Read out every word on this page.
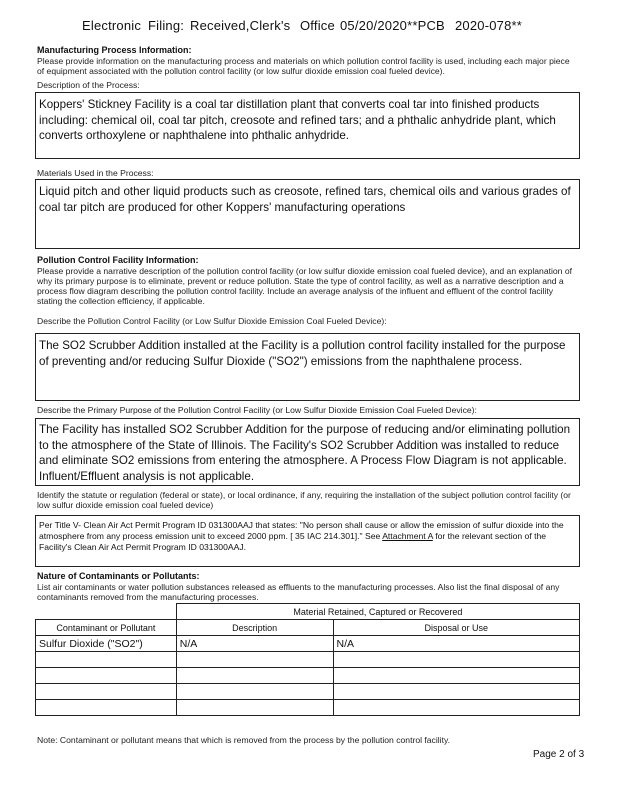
Electronic Filing: Received,Clerk's Office 05/20/2020**PCB 2020-078**
Manufacturing Process Information:
Please provide information on the manufacturing process and materials on which pollution control facility is used, including each major piece of equipment associated with the pollution control facility (or low sulfur dioxide emission coal fueled device).
Description of the Process:
Koppers' Stickney Facility is a coal tar distillation plant that converts coal tar into finished products including: chemical oil, coal tar pitch, creosote and refined tars; and a phthalic anhydride plant, which converts orthoxylene or naphthalene into phthalic anhydride.
Materials Used in the Process:
Liquid pitch and other liquid products such as creosote, refined tars, chemical oils and various grades of coal tar pitch are produced for other Koppers' manufacturing operations
Pollution Control Facility Information:
Please provide a narrative description of the pollution control facility (or low sulfur dioxide emission coal fueled device), and an explanation of why its primary purpose is to eliminate, prevent or reduce pollution. State the type of control facility, as well as a narrative description and a process flow diagram describing the pollution control facility. Include an average analysis of the influent and effluent of the control facility stating the collection efficiency, if applicable.
Describe the Pollution Control Facility (or Low Sulfur Dioxide Emission Coal Fueled Device):
The SO2 Scrubber Addition installed at the Facility is a pollution control facility installed for the purpose of preventing and/or reducing Sulfur Dioxide ("SO2") emissions from the naphthalene process.
Describe the Primary Purpose of the Pollution Control Facility (or Low Sulfur Dioxide Emission Coal Fueled Device):
The Facility has installed SO2 Scrubber Addition for the purpose of reducing and/or eliminating pollution to the atmosphere of the State of Illinois. The Facility's SO2 Scrubber Addition was installed to reduce and eliminate SO2 emissions from entering the atmosphere. A Process Flow Diagram is not applicable. Influent/Effluent analysis is not applicable.
Identify the statute or regulation (federal or state), or local ordinance, if any, requiring the installation of the subject pollution control facility (or low sulfur dioxide emission coal fueled device)
Per Title V- Clean Air Act Permit Program ID 031300AAJ that states: "No person shall cause or allow the emission of sulfur dioxide into the atmosphere from any process emission unit to exceed 2000 ppm. [ 35 IAC 214.301]." See Attachment A for the relevant section of the Facility's Clean Air Act Permit Program ID 031300AAJ.
Nature of Contaminants or Pollutants:
List air contaminants or water pollution substances released as effluents to the manufacturing processes. Also list the final disposal of any contaminants removed from the manufacturing processes.
	Material Retained, Captured or Recovered	
Contaminant or Pollutant	Description	Disposal or Use
Sulfur Dioxide ("SO2")	N/A	N/A

Note: Contaminant or pollutant means that which is removed from the process by the pollution control facility.
Page 2 of 3
